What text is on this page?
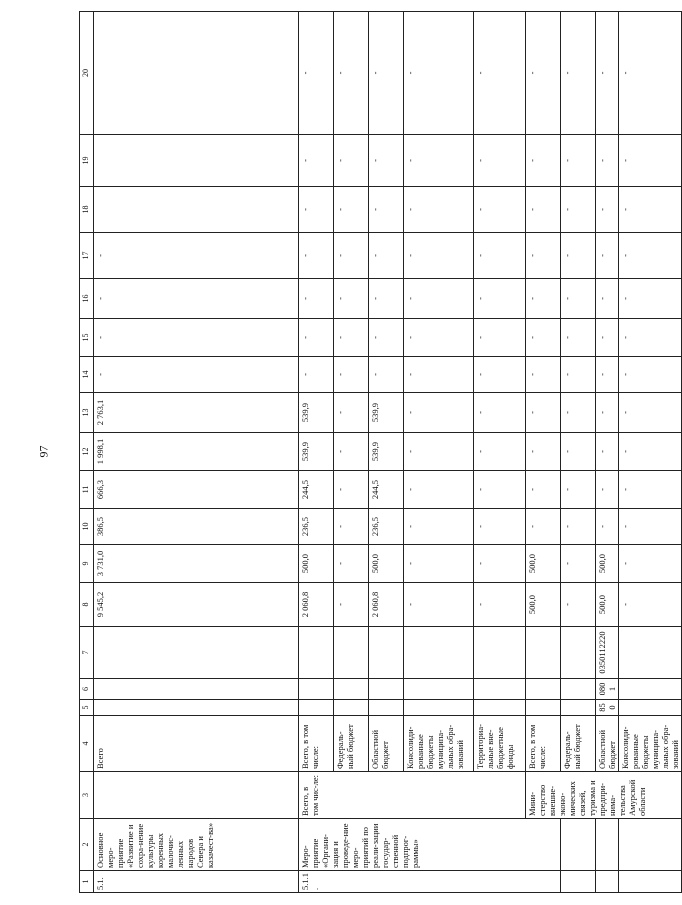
97
1	2	3	4	5	6	7	8	9	10	11	12	13	14	15	16	17	18	19	20
5.1.	Основное меро-приятие «Развитие и сохра-нение культуры коренных малочис-ленных народов Севера и казачест-ва»		Всего				9 545,2	3 731,0	386,5	666,3	1 998,1	2 763,1	-	-	-	-			
5.1.1.	Меро-приятие «Органи-зация и проведе-ние меро-приятий по реали-зации государ-ственной подпрог-раммы»	Всего, в том чис-ле:	Всего, в том числе:				2 060,8	500,0	236,5	244,5	539,9	539,9	-	-	-	-	-	-	-
			Федераль-ный бюджет				-	-	-	-	-	-	-	-	-	-	-	-	-
			Областной бюджет				2 060,8	500,0	236,5	244,5	539,9	539,9	-	-	-	-	-	-	-
			Консолиди-рованные бюджеты муниципа-льных обра-зований				-	-	-	-	-	-	-	-	-	-	-	-	-
			Территориа-льные вне-бюджетные фонды				-	-	-	-	-	-	-	-	-	-	-	-	-
		Мини-стерство внешне-эконо-мических связей, туризма и предпри-нима-тельства Амурской области	Всего, в том числе:				500,0	500,0	-	-	-	-	-	-	-	-	-	-	-
			Федераль-ный бюджет				-	-	-	-	-	-	-	-	-	-	-	-	-
			Областной бюджет	850	0801	0350112220	500,0	500,0	-	-	-	-	-	-	-	-	-	-	-
			Консолиди-рованные бюджеты муниципа-льных обра-зований				-	-	-	-	-	-	-	-	-	-	-	-	-
